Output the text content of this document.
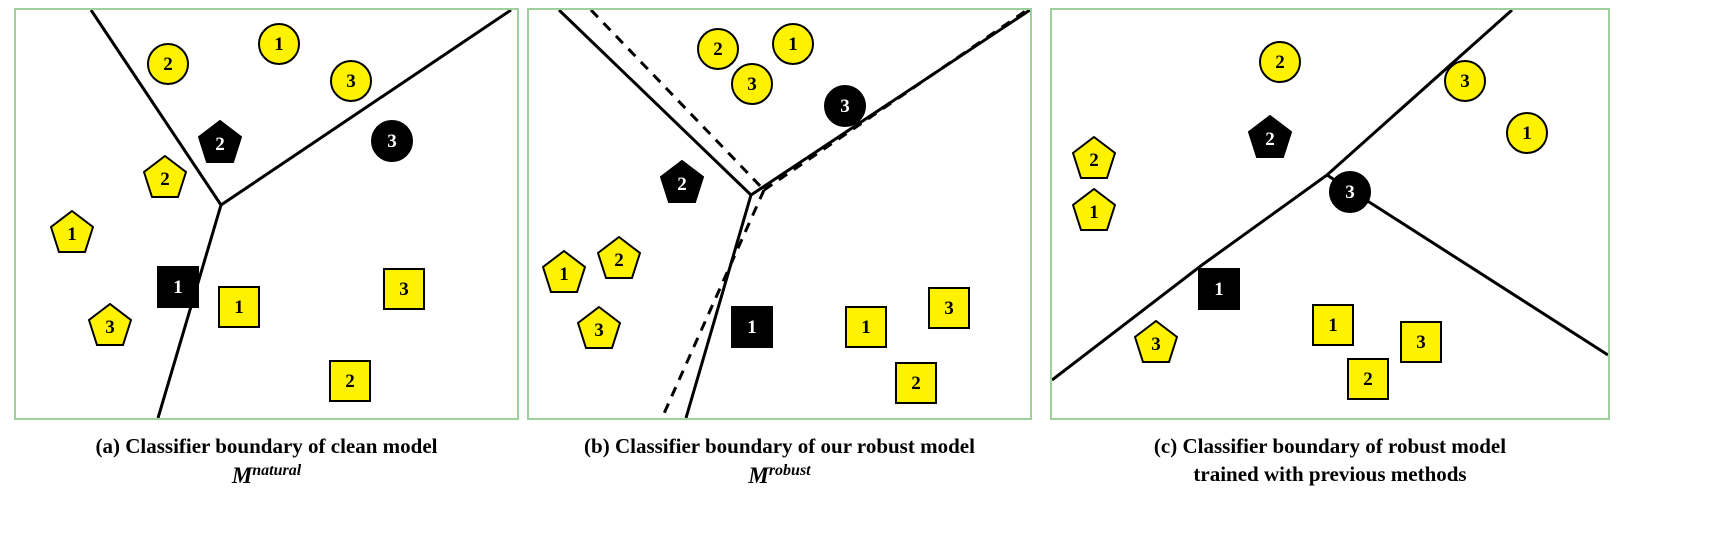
2
1
3
2	3
2
1
1
1
3
3
2
2	1
3
3
2
2
1
3	1
3
1
2
2
3
2	1
2
3
1
1
1
3	3
2
(a) Classifier boundary of clean model
$M^{natural}$
(b) Classifier boundary of our robust model
$M^{robust}$
(c) Classifier boundary of robust model
trained with previous methods
